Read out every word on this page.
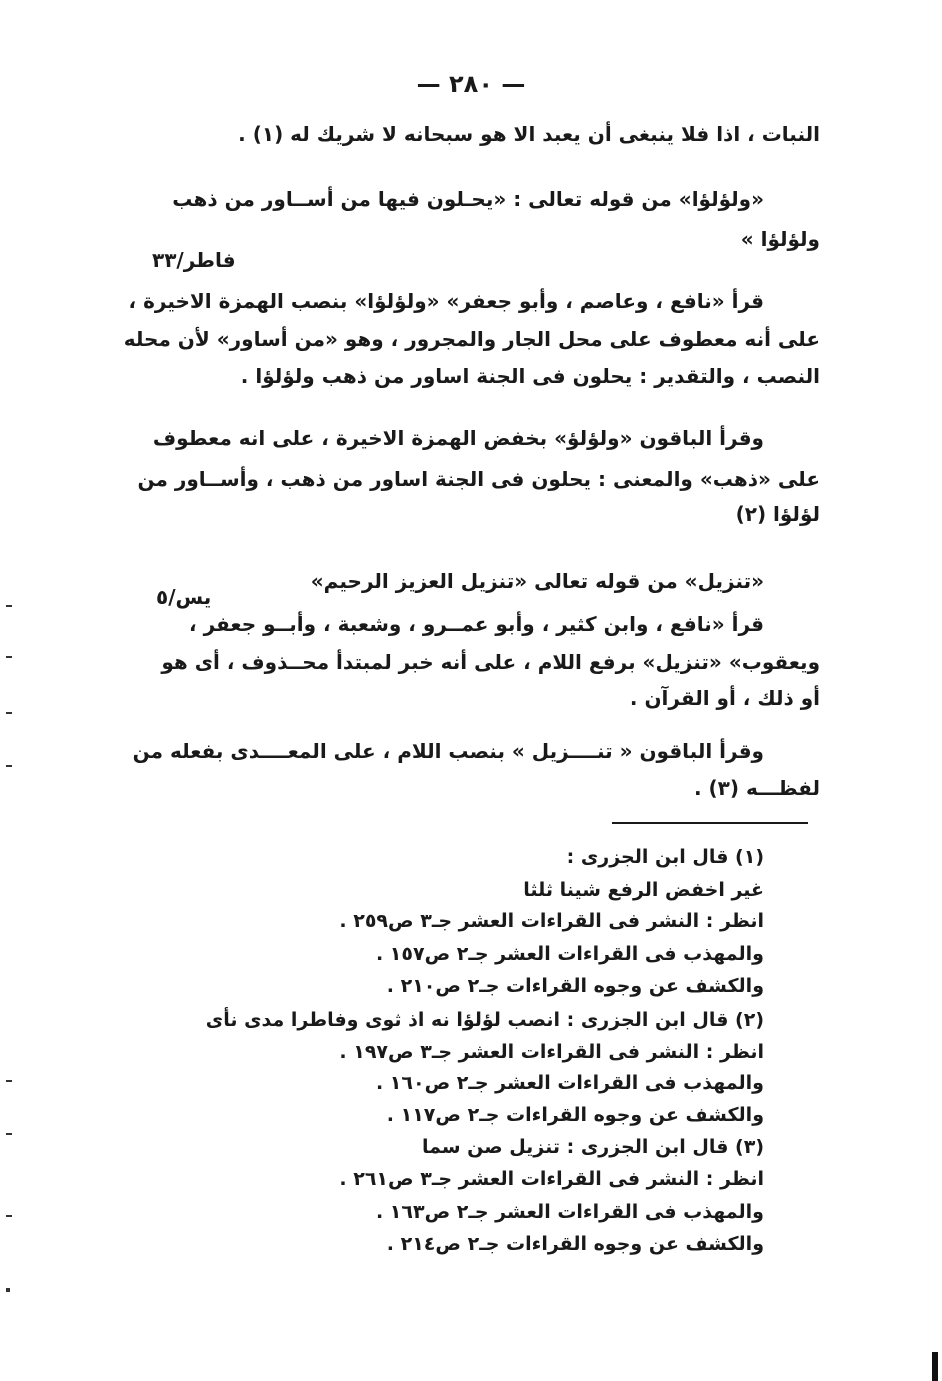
— ٢٨٠ —
النبات ، اذا فلا ينبغى أن يعبد الا هو سبحانه لا شريك له (١) .
«ولؤلؤا» من قوله تعالى : «يحـلون فيها من أســاور من ذهب
ولؤلؤا »
فاطر/٣٣
قرأ «نافع ، وعاصم ، وأبو جعفر» «ولؤلؤا» بنصب الهمزة الاخيرة ،
على أنه معطوف على محل الجار والمجرور ، وهو «من أساور» لأن محله
النصب ، والتقدير : يحلون فى الجنة اساور من ذهب ولؤلؤا .
وقرأ الباقون «ولؤلؤ» بخفض الهمزة الاخيرة ، على انه معطوف
على «ذهب» والمعنى : يحلون فى الجنة اساور من ذهب ، وأســاور من
لؤلؤا (٢)
«تنزيل» من قوله تعالى «تنزيل العزيز الرحيم»
يس/٥
قرأ «نافع ، وابن كثير ، وأبو عمــرو ، وشعبة ، وأبــو جعفر ،
ويعقوب» «تنزيل» برفع اللام ، على أنه خبر لمبتدأ محــذوف ، أى هو
أو ذلك ، أو القرآن .
وقرأ الباقون « تنــــزيل » بنصب اللام ، على المعــــدى بفعله من
لفظـــه (٣) .
(١) قال ابن الجزرى :
غير اخفض الرفع شينا ثلثا
انظر : النشر فى القراءات العشر جـ٣ ص٢٥٩ .
والمهذب فى القراءات العشر جـ٢ ص١٥٧ .
والكشف عن وجوه القراءات جـ٢ ص٢١٠ .
(٢) قال ابن الجزرى : انصب لؤلؤا نه اذ ثوى وفاطرا مدى نأى
انظر : النشر فى القراءات العشر جـ٣ ص١٩٧ .
والمهذب فى القراءات العشر جـ٢ ص١٦٠ .
والكشف عن وجوه القراءات جـ٢ ص١١٧ .
(٣) قال ابن الجزرى : تنزيل صن سما
انظر : النشر فى القراءات العشر جـ٣ ص٢٦١ .
والمهذب فى القراءات العشر جـ٢ ص١٦٣ .
والكشف عن وجوه القراءات جـ٢ ص٢١٤ .
